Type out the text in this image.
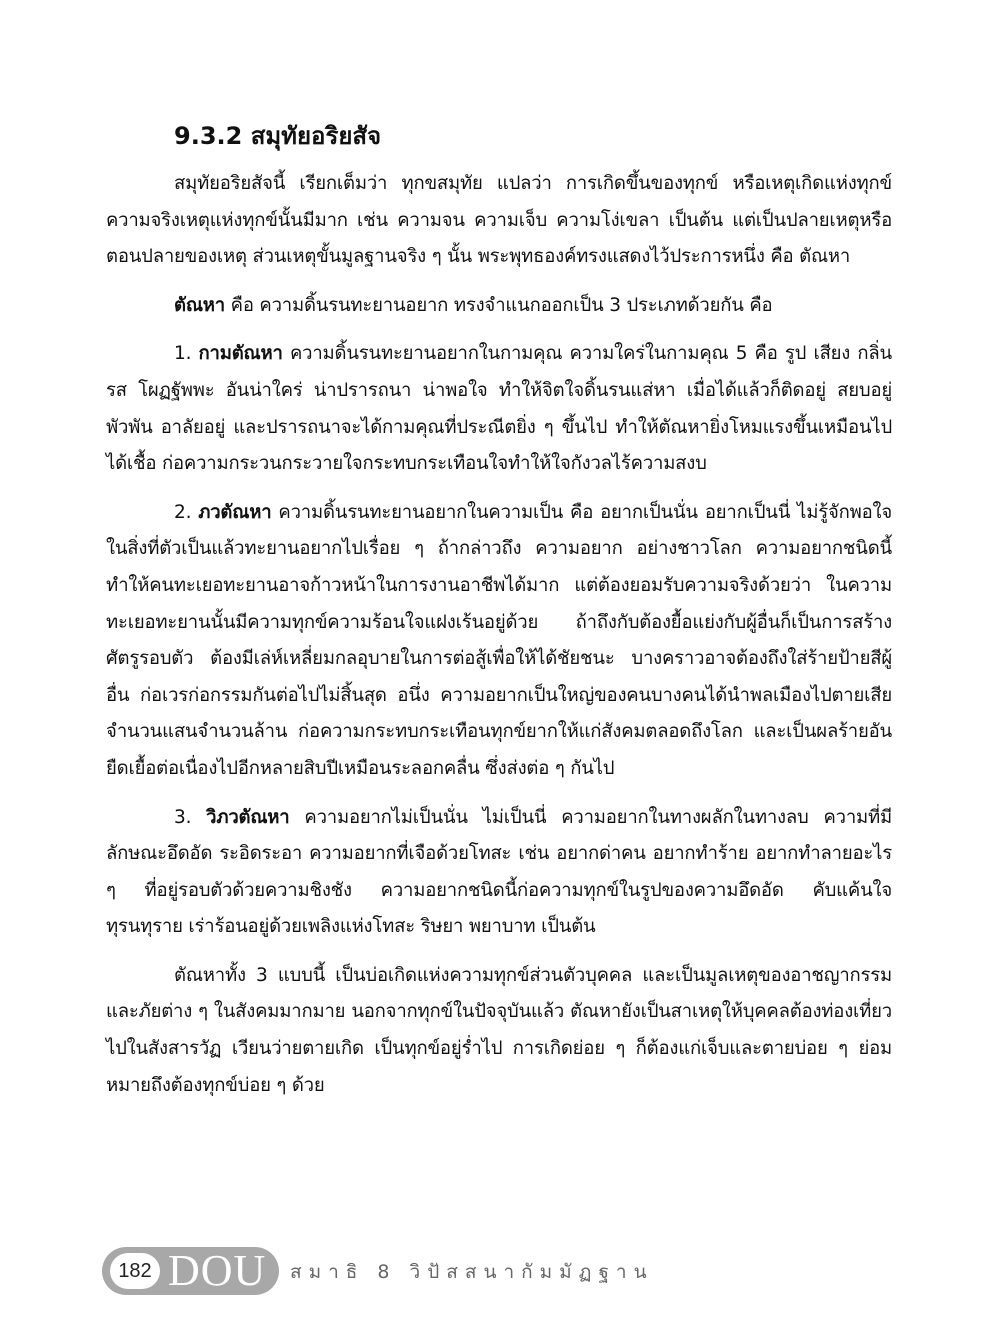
9.3.2 สมุทัยอริยสัจ

สมุทัยอริยสัจนี้ เรียกเต็มว่า ทุกขสมุทัย แปลว่า การเกิดขึ้นของทุกข์ หรือเหตุเกิดแห่งทุกข์ ความจริงเหตุแห่งทุกข์นั้นมีมาก เช่น ความจน ความเจ็บ ความโง่เขลา เป็นต้น แต่เป็นปลายเหตุหรือตอนปลายของเหตุ ส่วนเหตุขั้นมูลฐานจริง ๆ นั้น พระพุทธองค์ทรงแสดงไว้ประการหนึ่ง คือ ตัณหา

ตัณหา คือ ความดิ้นรนทะยานอยาก ทรงจำแนกออกเป็น 3 ประเภทด้วยกัน คือ

1. กามตัณหา ความดิ้นรนทะยานอยากในกามคุณ ความใคร่ในกามคุณ 5 คือ รูป เสียง กลิ่น รส โผฏฐัพพะ อันน่าใคร่ น่าปรารถนา น่าพอใจ ทำให้จิตใจดิ้นรนแส่หา เมื่อได้แล้วก็ติดอยู่ สยบอยู่ พัวพัน อาลัยอยู่ และปรารถนาจะได้กามคุณที่ประณีตยิ่ง ๆ ขึ้นไป ทำให้ตัณหายิ่งโหมแรงขึ้นเหมือนไปได้เชื้อ ก่อความกระวนกระวายใจกระทบกระเทือนใจทำให้ใจกังวลไร้ความสงบ

2. ภวตัณหา ความดิ้นรนทะยานอยากในความเป็น คือ อยากเป็นนั่น อยากเป็นนี่ ไม่รู้จักพอใจในสิ่งที่ตัวเป็นแล้วทะยานอยากไปเรื่อย ๆ ถ้ากล่าวถึง ความอยาก อย่างชาวโลก ความอยากชนิดนี้ ทำให้คนทะเยอทะยานอาจก้าวหน้าในการงานอาชีพได้มาก แต่ต้องยอมรับความจริงด้วยว่า ในความทะเยอทะยานนั้นมีความทุกข์ความร้อนใจแฝงเร้นอยู่ด้วย ถ้าถึงกับต้องยื้อแย่งกับผู้อื่นก็เป็นการสร้างศัตรูรอบตัว ต้องมีเล่ห์เหลี่ยมกลอุบายในการต่อสู้เพื่อให้ได้ชัยชนะ บางคราวอาจต้องถึงใส่ร้ายป้ายสีผู้อื่น ก่อเวรก่อกรรมกันต่อไปไม่สิ้นสุด อนึ่ง ความอยากเป็นใหญ่ของคนบางคนได้นำพลเมืองไปตายเสียจำนวนแสนจำนวนล้าน ก่อความกระทบกระเทือนทุกข์ยากให้แก่สังคมตลอดถึงโลก และเป็นผลร้ายอันยืดเยื้อต่อเนื่องไปอีกหลายสิบปีเหมือนระลอกคลื่น ซึ่งส่งต่อ ๆ กันไป

3. วิภวตัณหา ความอยากไม่เป็นนั่น ไม่เป็นนี่ ความอยากในทางผลักในทางลบ ความที่มีลักษณะอึดอัด ระอิดระอา ความอยากที่เจือด้วยโทสะ เช่น อยากด่าคน อยากทำร้าย อยากทำลายอะไร ๆ ที่อยู่รอบตัวด้วยความชิงชัง ความอยากชนิดนี้ก่อความทุกข์ในรูปของความอึดอัด คับแค้นใจ ทุรนทุราย เร่าร้อนอยู่ด้วยเพลิงแห่งโทสะ ริษยา พยาบาท เป็นต้น

ตัณหาทั้ง 3 แบบนี้ เป็นบ่อเกิดแห่งความทุกข์ส่วนตัวบุคคล และเป็นมูลเหตุของอาชญากรรมและภัยต่าง ๆ ในสังคมมากมาย นอกจากทุกข์ในปัจจุบันแล้ว ตัณหายังเป็นสาเหตุให้บุคคลต้องท่องเที่ยวไปในสังสารวัฏ เวียนว่ายตายเกิด เป็นทุกข์อยู่ร่ำไป การเกิดย่อย ๆ ก็ต้องแก่เจ็บและตายบ่อย ๆ ย่อมหมายถึงต้องทุกข์บ่อย ๆ ด้วย

182 DOU สมาธิ 8 วิปัสสนากัมมัฏฐาน
